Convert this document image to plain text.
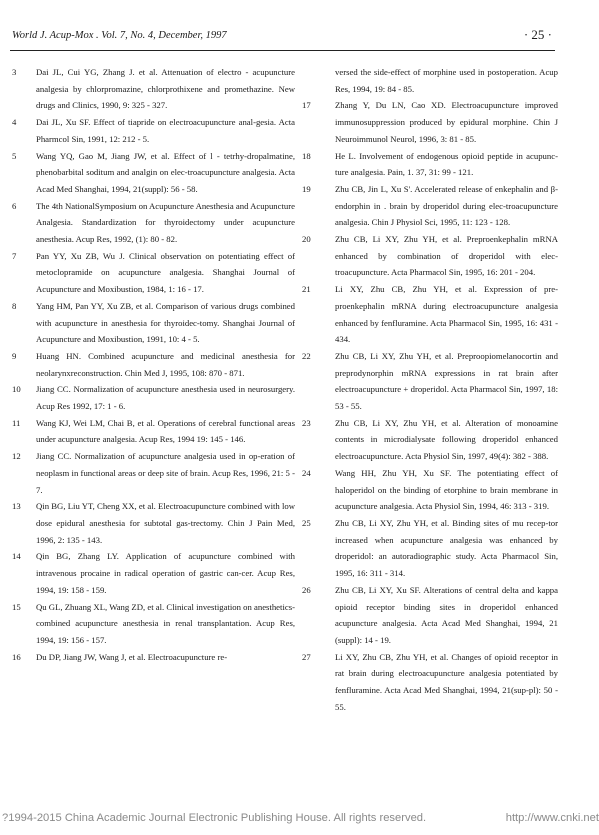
World J. Acup-Mox . Vol. 7, No. 4, December, 1997	· 25 ·
3 Dai JL, Cui YG, Zhang J. et al. Attenuation of electro - acupuncture analgesia by chlorpromazine, chlorprothixene and promethazine. New drugs and Clinics, 1990, 9: 325 - 327.
4 Dai JL, Xu SF. Effect of tiapride on electroacupuncture anal-gesia. Acta Pharmcol Sin, 1991, 12: 212 - 5.
5 Wang YQ, Gao M, Jiang JW, et al. Effect of l - tetrhy-dropalmatine, phenobarbital soditum and analgin on elec-troacupuncture analgesia. Acta Acad Med Shanghai, 1994, 21(suppl): 56 - 58.
6 The 4th NationalSymposium on Acupuncture Anesthesia and Acupuncture Analgesia. Standardization for thyroidectomy under acupuncture anesthesia. Acup Res, 1992, (1): 80 - 82.
7 Pan YY, Xu ZB, Wu J. Clinical observation on potentiating effect of metoclopramide on acupuncture analgesia. Shanghai Journal of Acupuncture and Moxibustion, 1984, 1: 16 - 17.
8 Yang HM, Pan YY, Xu ZB, et al. Comparison of various drugs combined with acupuncture in anesthesia for thyroidec-tomy. Shanghai Journal of Acupuncture and Moxibustion, 1991, 10: 4 - 5.
9 Huang HN. Combined acupuncture and medicinal anesthesia for neolarynxreconstruction. Chin Med J, 1995, 108: 870 - 871.
10 Jiang CC. Normalization of acupuncture anesthesia used in neurosurgery. Acup Res 1992, 17: 1 - 6.
11 Wang KJ, Wei LM, Chai B, et al. Operations of cerebral functional areas under acupuncture analgesia. Acup Res, 1994 19: 145 - 146.
12 Jiang CC. Normalization of acupuncture analgesia used in op-eration of neoplasm in functional areas or deep site of brain. Acup Res, 1996, 21: 5 - 7.
13 Qin BG, Liu YT, Cheng XX, et al. Electroacupuncture combined with low dose epidural anesthesia for subtotal gas-trectomy. Chin J Pain Med, 1996, 2: 135 - 143.
14 Qin BG, Zhang LY. Application of acupuncture combined with intravenous procaine in radical operation of gastric can-cer. Acup Res, 1994, 19: 158 - 159.
15 Qu GL, Zhuang XL, Wang ZD, et al. Clinical investigation on anesthetics-combined acupuncture anesthesia in renal transplantation. Acup Res, 1994, 19: 156 - 157.
16 Du DP, Jiang JW, Wang J, et al. Electroacupuncture re-
versed the side-effect of morphine used in postoperation. Acup Res, 1994, 19: 84 - 85.
17	Zhang Y, Du LN, Cao XD. Electroacupuncture improved immunosuppression produced by epidural morphine. Chin J Neuroimmunol Neurol, 1996, 3: 81 - 85.
18	He L. Involvement of endogenous opioid peptide in acupunc-ture analgesia. Pain, 1. 37, 31: 99 - 121.
19	Zhu CB, Jin L, Xu S'. Accelerated release of enkephalin and β-endorphin in . brain by droperidol during elec-troacupuncture analgesia. Chin J Physiol Sci, 1995, 11: 123 - 128.
20	Zhu CB, Li XY, Zhu YH, et al. Preproenkephalin mRNA enhanced by combination of droperidol with elec-troacupuncture. Acta Pharmacol Sin, 1995, 16: 201 - 204.
21	Li XY, Zhu CB, Zhu YH, et al. Expression of pre-proenkephalin mRNA during electroacupuncture analgesia enhanced by fenfluramine. Acta Pharmacol Sin, 1995, 16: 431 - 434.
22	Zhu CB, Li XY, Zhu YH, et al. Preproopiomelanocortin and preprodynorphin mRNA expressions in rat brain after electroacupuncture + droperidol. Acta Pharmacol Sin, 1997, 18: 53 - 55.
23	Zhu CB, Li XY, Zhu YH, et al. Alteration of monoamine contents in microdialysate following droperidol enhanced electroacupuncture. Acta Physiol Sin, 1997, 49(4): 382 - 388.
24	Wang HH, Zhu YH, Xu SF. The potentiating effect of haloperidol on the binding of etorphine to brain membrane in acupuncture analgesia. Acta Physiol Sin, 1994, 46: 313 - 319.
25	Zhu CB, Li XY, Zhu YH, et al. Binding sites of mu recep-tor increased when acupuncture analgesia was enhanced by droperidol: an autoradiographic study. Acta Pharmacol Sin, 1995, 16: 311 - 314.
26	Zhu CB, Li XY, Xu SF. Alterations of central delta and kappa opioid receptor binding sites in droperidol enhanced acupuncture analgesia. Acta Acad Med Shanghai, 1994, 21 (suppl): 14 - 19.
27	Li XY, Zhu CB, Zhu YH, et al. Changes of opioid receptor in rat brain during electroacupuncture analgesia potentiated by fenfluramine. Acta Acad Med Shanghai, 1994, 21(sup-pl): 50 - 55.
?1994-2015 China Academic Journal Electronic Publishing House. All rights reserved.	http://www.cnki.net
